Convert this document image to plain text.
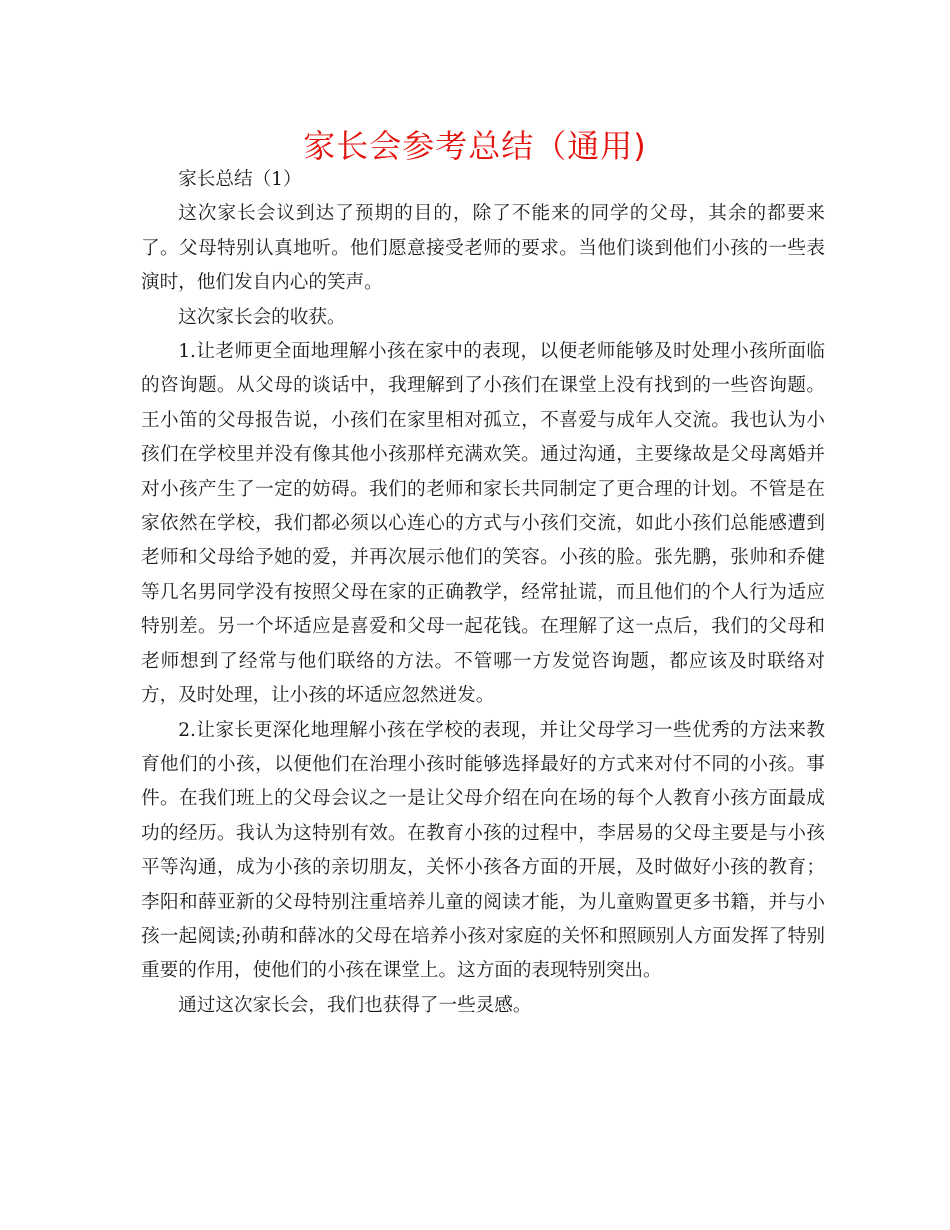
家长会参考总结（通用)

家长总结（1）

这次家长会议到达了预期的目的，除了不能来的同学的父母，其余的都要来了。父母特别认真地听。他们愿意接受老师的要求。当他们谈到他们小孩的一些表演时，他们发自内心的笑声。

这次家长会的收获。

1.让老师更全面地理解小孩在家中的表现，以便老师能够及时处理小孩所面临的咨询题。从父母的谈话中，我理解到了小孩们在课堂上没有找到的一些咨询题。王小笛的父母报告说，小孩们在家里相对孤立，不喜爱与成年人交流。我也认为小孩们在学校里并没有像其他小孩那样充满欢笑。通过沟通，主要缘故是父母离婚并对小孩产生了一定的妨碍。我们的老师和家长共同制定了更合理的计划。不管是在家依然在学校，我们都必须以心连心的方式与小孩们交流，如此小孩们总能感遭到老师和父母给予她的爱，并再次展示他们的笑容。小孩的脸。张先鹏，张帅和乔健等几名男同学没有按照父母在家的正确教学，经常扯谎，而且他们的个人行为适应特别差。另一个坏适应是喜爱和父母一起花钱。在理解了这一点后，我们的父母和老师想到了经常与他们联络的方法。不管哪一方发觉咨询题，都应该及时联络对方，及时处理，让小孩的坏适应忽然迸发。

2.让家长更深化地理解小孩在学校的表现，并让父母学习一些优秀的方法来教育他们的小孩，以便他们在治理小孩时能够选择最好的方式来对付不同的小孩。事件。在我们班上的父母会议之一是让父母介绍在向在场的每个人教育小孩方面最成功的经历。我认为这特别有效。在教育小孩的过程中，李居易的父母主要是与小孩平等沟通，成为小孩的亲切朋友，关怀小孩各方面的开展，及时做好小孩的教育；李阳和薛亚新的父母特别注重培养儿童的阅读才能，为儿童购置更多书籍，并与小孩一起阅读;孙萌和薛冰的父母在培养小孩对家庭的关怀和照顾别人方面发挥了特别重要的作用，使他们的小孩在课堂上。这方面的表现特别突出。

通过这次家长会，我们也获得了一些灵感。
